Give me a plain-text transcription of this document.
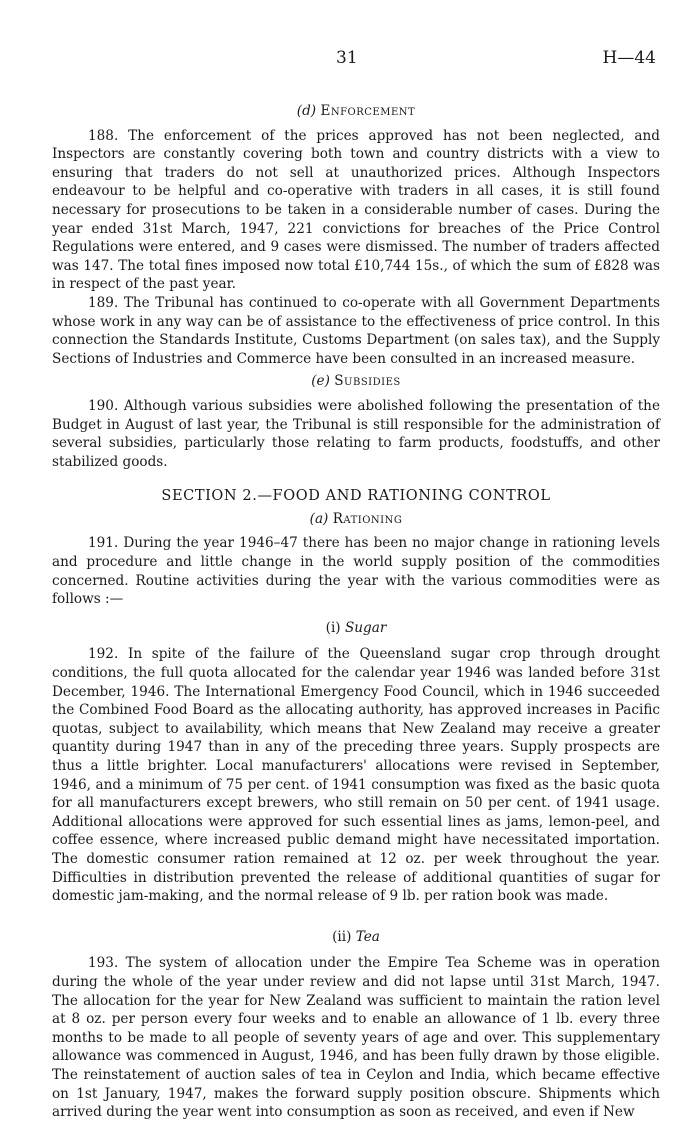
31	H—44
(d) Enforcement

188. The enforcement of the prices approved has not been neglected, and Inspectors are constantly covering both town and country districts with a view to ensuring that traders do not sell at unauthorized prices. Although Inspectors endeavour to be helpful and co-operative with traders in all cases, it is still found necessary for prosecutions to be taken in a considerable number of cases. During the year ended 31st March, 1947, 221 convictions for breaches of the Price Control Regulations were entered, and 9 cases were dismissed. The number of traders affected was 147. The total fines imposed now total £10,744 15s., of which the sum of £828 was in respect of the past year.

189. The Tribunal has continued to co-operate with all Government Departments whose work in any way can be of assistance to the effectiveness of price control. In this connection the Standards Institute, Customs Department (on sales tax), and the Supply Sections of Industries and Commerce have been consulted in an increased measure.

(e) Subsidies

190. Although various subsidies were abolished following the presentation of the Budget in August of last year, the Tribunal is still responsible for the administration of several subsidies, particularly those relating to farm products, foodstuffs, and other stabilized goods.

SECTION 2.—FOOD AND RATIONING CONTROL
(a) Rationing

191. During the year 1946–47 there has been no major change in rationing levels and procedure and little change in the world supply position of the commodities concerned. Routine activities during the year with the various commodities were as follows :—

(i) Sugar

192. In spite of the failure of the Queensland sugar crop through drought conditions, the full quota allocated for the calendar year 1946 was landed before 31st December, 1946. The International Emergency Food Council, which in 1946 succeeded the Combined Food Board as the allocating authority, has approved increases in Pacific quotas, subject to availability, which means that New Zealand may receive a greater quantity during 1947 than in any of the preceding three years. Supply prospects are thus a little brighter. Local manufacturers' allocations were revised in September, 1946, and a minimum of 75 per cent. of 1941 consumption was fixed as the basic quota for all manufacturers except brewers, who still remain on 50 per cent. of 1941 usage. Additional allocations were approved for such essential lines as jams, lemon-peel, and coffee essence, where increased public demand might have necessitated importation. The domestic consumer ration remained at 12 oz. per week throughout the year. Difficulties in distribution prevented the release of additional quantities of sugar for domestic jam-making, and the normal release of 9 lb. per ration book was made.

(ii) Tea

193. The system of allocation under the Empire Tea Scheme was in operation during the whole of the year under review and did not lapse until 31st March, 1947. The allocation for the year for New Zealand was sufficient to maintain the ration level at 8 oz. per person every four weeks and to enable an allowance of 1 lb. every three months to be made to all people of seventy years of age and over. This supplementary allowance was commenced in August, 1946, and has been fully drawn by those eligible. The reinstatement of auction sales of tea in Ceylon and India, which became effective on 1st January, 1947, makes the forward supply position obscure. Shipments which arrived during the year went into consumption as soon as received, and even if New
